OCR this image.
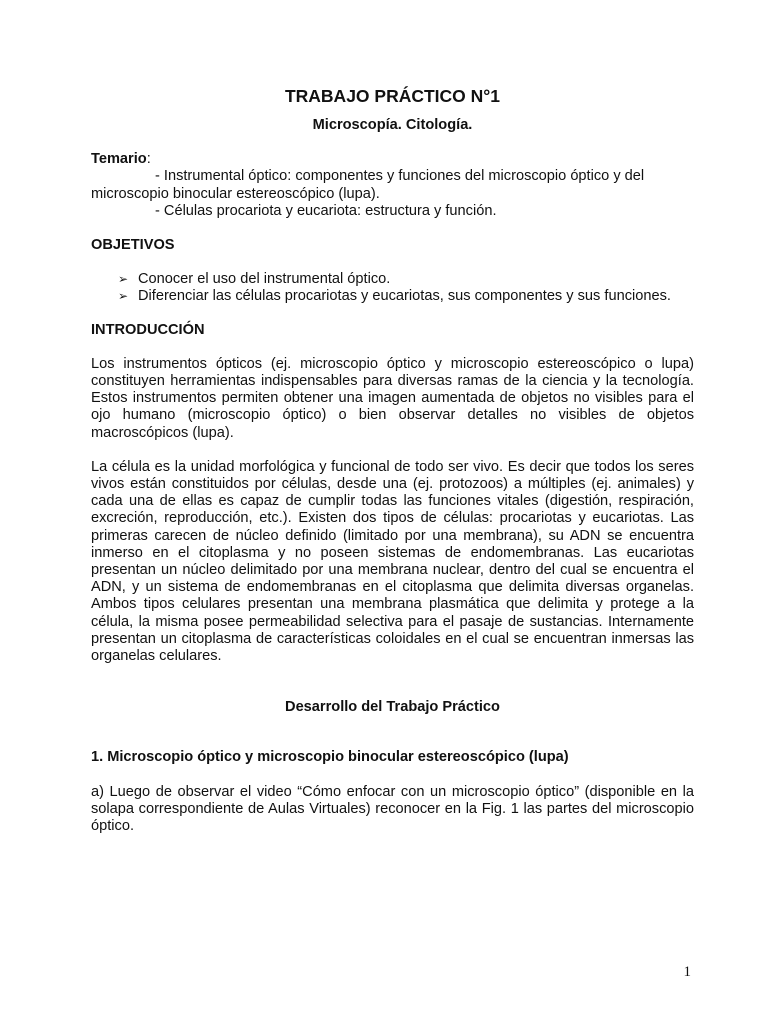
TRABAJO PRÁCTICO N°1

Microscopía. Citología.

Temario:

- Instrumental óptico: componentes y funciones del microscopio óptico y del

microscopio binocular estereoscópico (lupa).

- Células procariota y eucariota: estructura y función.

OBJETIVOS

➢ Conocer el uso del instrumental óptico.
➢ Diferenciar las células procariotas y eucariotas, sus componentes y sus funciones.

INTRODUCCIÓN

Los instrumentos ópticos (ej. microscopio óptico y microscopio estereoscópico o lupa) constituyen herramientas indispensables para diversas ramas de la ciencia y la tecnología. Estos instrumentos permiten obtener una imagen aumentada de objetos no visibles para el ojo humano (microscopio óptico) o bien observar detalles no visibles de objetos macroscópicos (lupa).

La célula es la unidad morfológica y funcional de todo ser vivo. Es decir que todos los seres vivos están constituidos por células, desde una (ej. protozoos) a múltiples (ej. animales) y cada una de ellas es capaz de cumplir todas las funciones vitales (digestión, respiración, excreción, reproducción, etc.). Existen dos tipos de células: procariotas y eucariotas. Las primeras carecen de núcleo definido (limitado por una membrana), su ADN se encuentra inmerso en el citoplasma y no poseen sistemas de endomembranas. Las eucariotas presentan un núcleo delimitado por una membrana nuclear, dentro del cual se encuentra el ADN, y un sistema de endomembranas en el citoplasma que delimita diversas organelas. Ambos tipos celulares presentan una membrana plasmática que delimita y protege a la célula, la misma posee permeabilidad selectiva para el pasaje de sustancias. Internamente presentan un citoplasma de características coloidales en el cual se encuentran inmersas las organelas celulares.

Desarrollo del Trabajo Práctico

1. Microscopio óptico y microscopio binocular estereoscópico (lupa)

a) Luego de observar el video “Cómo enfocar con un microscopio óptico” (disponible en la solapa correspondiente de Aulas Virtuales) reconocer en la Fig. 1 las partes del microscopio óptico.

1
